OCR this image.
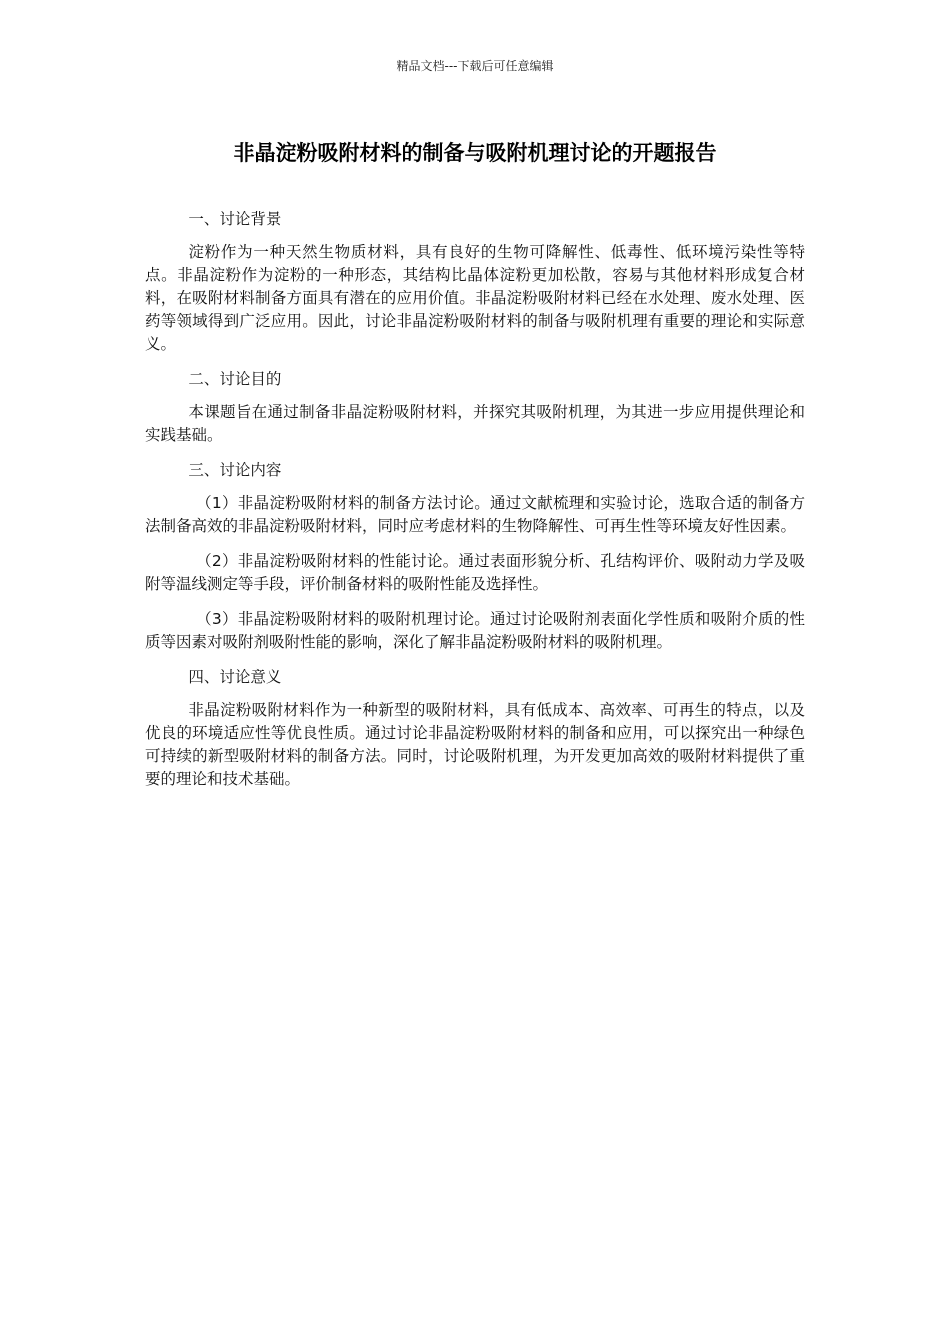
精品文档---下载后可任意编辑
非晶淀粉吸附材料的制备与吸附机理讨论的开题报告

一、讨论背景

淀粉作为一种天然生物质材料，具有良好的生物可降解性、低毒性、低环境污染性等特点。非晶淀粉作为淀粉的一种形态，其结构比晶体淀粉更加松散，容易与其他材料形成复合材料，在吸附材料制备方面具有潜在的应用价值。非晶淀粉吸附材料已经在水处理、废水处理、医药等领域得到广泛应用。因此，讨论非晶淀粉吸附材料的制备与吸附机理有重要的理论和实际意义。

二、讨论目的

本课题旨在通过制备非晶淀粉吸附材料，并探究其吸附机理，为其进一步应用提供理论和实践基础。

三、讨论内容

（1）非晶淀粉吸附材料的制备方法讨论。通过文献梳理和实验讨论，选取合适的制备方法制备高效的非晶淀粉吸附材料，同时应考虑材料的生物降解性、可再生性等环境友好性因素。

（2）非晶淀粉吸附材料的性能讨论。通过表面形貌分析、孔结构评价、吸附动力学及吸附等温线测定等手段，评价制备材料的吸附性能及选择性。

（3）非晶淀粉吸附材料的吸附机理讨论。通过讨论吸附剂表面化学性质和吸附介质的性质等因素对吸附剂吸附性能的影响，深化了解非晶淀粉吸附材料的吸附机理。

四、讨论意义

非晶淀粉吸附材料作为一种新型的吸附材料，具有低成本、高效率、可再生的特点，以及优良的环境适应性等优良性质。通过讨论非晶淀粉吸附材料的制备和应用，可以探究出一种绿色可持续的新型吸附材料的制备方法。同时，讨论吸附机理，为开发更加高效的吸附材料提供了重要的理论和技术基础。
